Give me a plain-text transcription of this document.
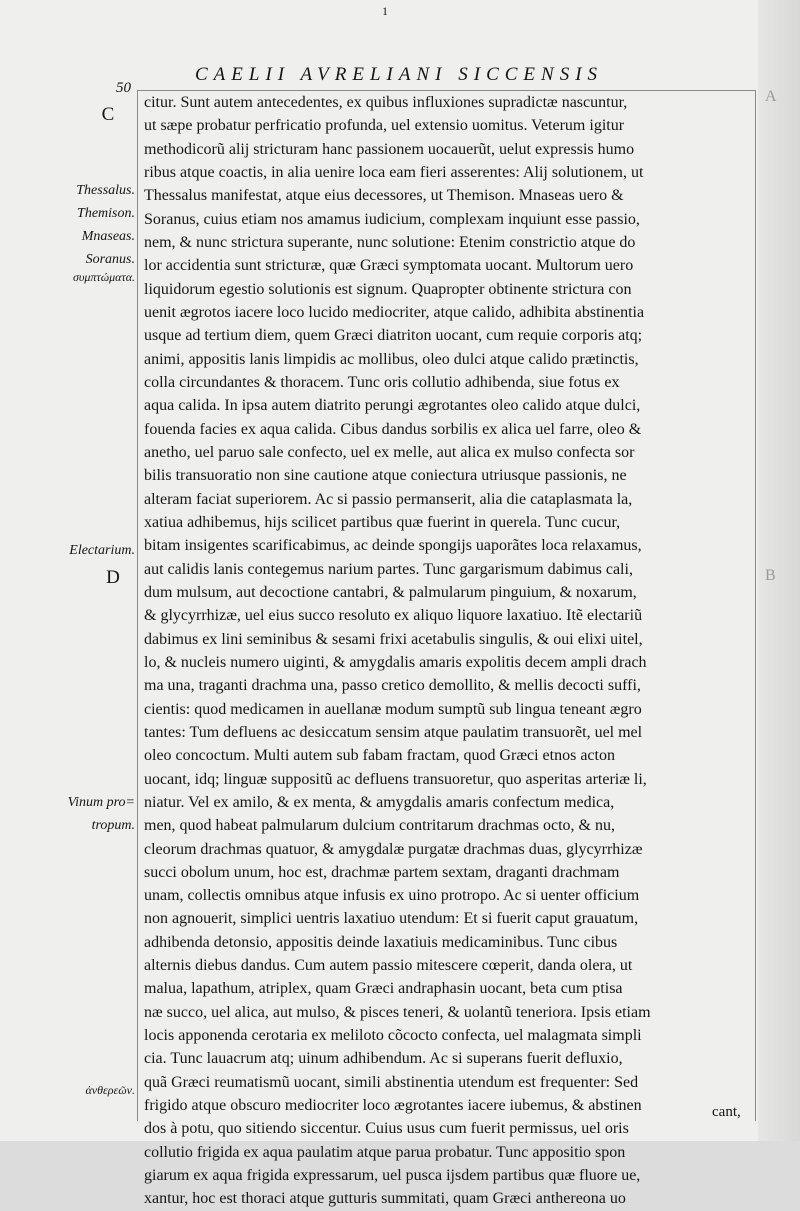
1
50
CAELII AVRELIANI SICCENSIS
C
D
A
B
Thessalus.
Themison.
Mnaseas.
Soranus.
συμπτώματα.
Electarium.
Vinum pro=
tropum.
ἀνθερεῶν.
citur. Sunt autem antecedentes, ex quibus influxiones supradictæ nascuntur,
ut sæpe probatur perfricatio profunda, uel extensio uomitus. Veterum igitur
methodicorũ alij stricturam hanc passionem uocauerũt, uelut expressis humo
ribus atque coactis, in alia uenire loca eam fieri asserentes: Alij solutionem, ut
Thessalus manifestat, atque eius decessores, ut Themison. Mnaseas uero &
Soranus, cuius etiam nos amamus iudicium, complexam inquiunt esse passio,
nem, & nunc strictura superante, nunc solutione: Etenim constrictio atque do
lor accidentia sunt stricturæ, quæ Græci symptomata uocant. Multorum uero
liquidorum egestio solutionis est signum. Quapropter obtinente strictura con
uenit ægrotos iacere loco lucido mediocriter, atque calido, adhibita abstinentia
usque ad tertium diem, quem Græci diatriton uocant, cum requie corporis atq;
animi, appositis lanis limpidis ac mollibus, oleo dulci atque calido prætinctis,
colla circundantes & thoracem. Tunc oris collutio adhibenda, siue fotus ex
aqua calida. In ipsa autem diatrito perungi ægrotantes oleo calido atque dulci,
fouenda facies ex aqua calida. Cibus dandus sorbilis ex alica uel farre, oleo &
anetho, uel paruo sale confecto, uel ex melle, aut alica ex mulso confecta sor
bilis transuoratio non sine cautione atque coniectura utriusque passionis, ne
alteram faciat superiorem. Ac si passio permanserit, alia die cataplasmata la,
xatiua adhibemus, hijs scilicet partibus quæ fuerint in querela. Tunc cucur,
bitam insigentes scarificabimus, ac deinde spongijs uaporãtes loca relaxamus,
aut calidis lanis contegemus narium partes. Tunc gargarismum dabimus cali,
dum mulsum, aut decoctione cantabri, & palmularum pinguium, & noxarum,
& glycyrrhizæ, uel eius succo resoluto ex aliquo liquore laxatiuo. Itẽ electariũ
dabimus ex lini seminibus & sesami frixi acetabulis singulis, & oui elixi uitel,
lo, & nucleis numero uiginti, & amygdalis amaris expolitis decem ampli drach
ma una, traganti drachma una, passo cretico demollito, & mellis decocti suffi,
cientis: quod medicamen in auellanæ modum sumptũ sub lingua teneant ægro
tantes: Tum defluens ac desiccatum sensim atque paulatim transuorẽt, uel mel
oleo concoctum. Multi autem sub fabam fractam, quod Græci etnos acton
uocant, idq; linguæ suppositũ ac defluens transuoretur, quo asperitas arteriæ li,
niatur. Vel ex amilo, & ex menta, & amygdalis amaris confectum medica,
men, quod habeat palmularum dulcium contritarum drachmas octo, & nu,
cleorum drachmas quatuor, & amygdalæ purgatæ drachmas duas, glycyrrhizæ
succi obolum unum, hoc est, drachmæ partem sextam, draganti drachmam
unam, collectis omnibus atque infusis ex uino protropo. Ac si uenter officium
non agnouerit, simplici uentris laxatiuo utendum: Et si fuerit caput grauatum,
adhibenda detonsio, appositis deinde laxatiuis medicaminibus. Tunc cibus
alternis diebus dandus. Cum autem passio mitescere cœperit, danda olera, ut
malua, lapathum, atriplex, quam Græci andraphasin uocant, beta cum ptisa
næ succo, uel alica, aut mulso, & pisces teneri, & uolantũ teneriora. Ipsis etiam
locis apponenda cerotaria ex meliloto cõcocto confecta, uel malagmata simpli
cia. Tunc lauacrum atq; uinum adhibendum. Ac si superans fuerit defluxio,
quã Græci reumatismũ uocant, simili abstinentia utendum est frequenter: Sed
frigido atque obscuro mediocriter loco ægrotantes iacere iubemus, & abstinen
dos à potu, quo sitiendo siccentur. Cuius usus cum fuerit permissus, uel oris
collutio frigida ex aqua paulatim atque parua probatur. Tunc appositio spon
giarum ex aqua frigida expressarum, uel pusca ijsdem partibus quæ fluore ue,
xantur, hoc est thoraci atque gutturis summitati, quam Græci anthereona uo
cant,
